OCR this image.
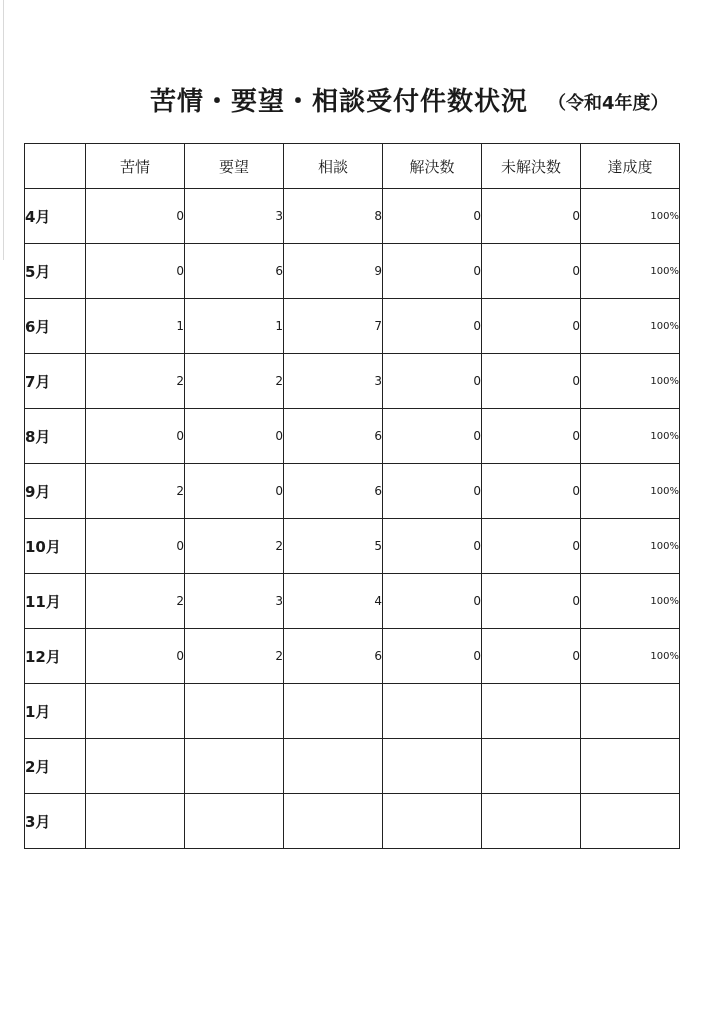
苦情・要望・相談受付件数状況 （令和4年度）
	苦情	要望	相談	解決数	未解決数	達成度
4月	0	3	8	0	0	100%
5月	0	6	9	0	0	100%
6月	1	1	7	0	0	100%
7月	2	2	3	0	0	100%
8月	0	0	6	0	0	100%
9月	2	0	6	0	0	100%
10月	0	2	5	0	0	100%
11月	2	3	4	0	0	100%
12月	0	2	6	0	0	100%
1月						
2月						
3月						
